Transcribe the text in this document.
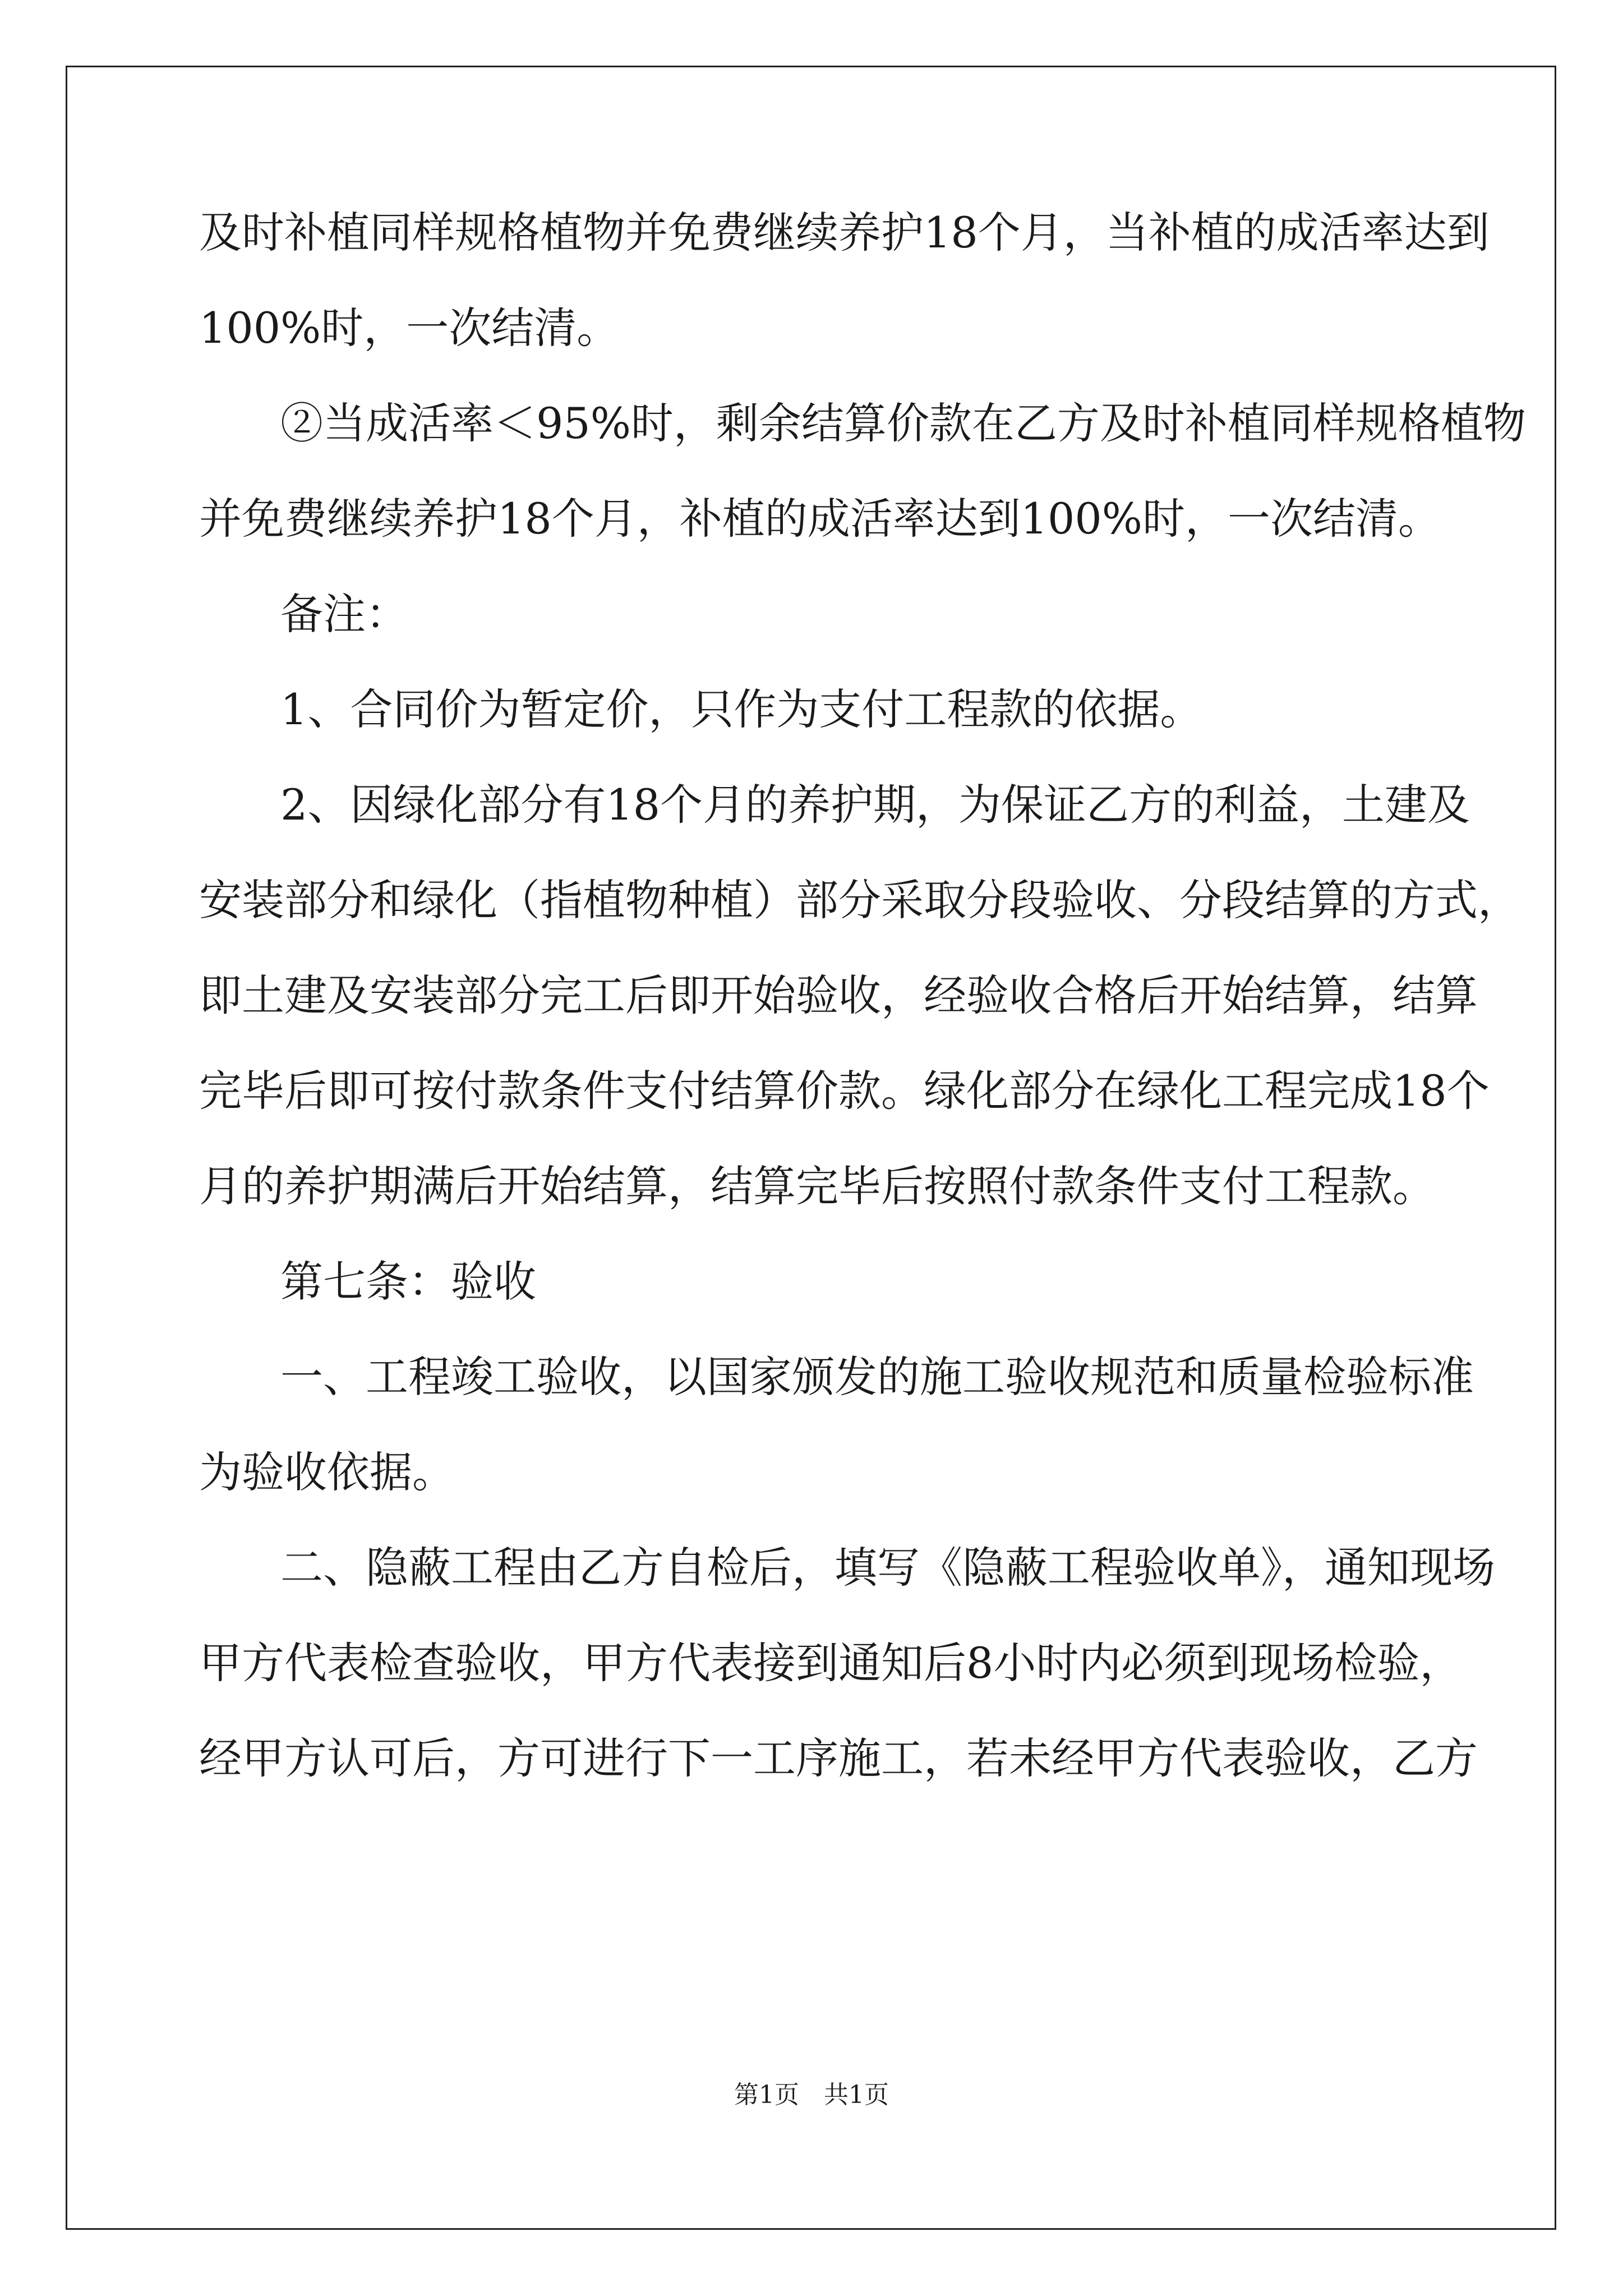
及时补植同样规格植物并免费继续养护18个月，当补植的成活率达到
100%时，一次结清。
②当成活率＜95%时，剩余结算价款在乙方及时补植同样规格植物
并免费继续养护18个月，补植的成活率达到100%时，一次结清。
备注：
1、合同价为暂定价，只作为支付工程款的依据。
2、因绿化部分有18个月的养护期，为保证乙方的利益，土建及
安装部分和绿化（指植物种植）部分采取分段验收、分段结算的方式，
即土建及安装部分完工后即开始验收，经验收合格后开始结算，结算
完毕后即可按付款条件支付结算价款。绿化部分在绿化工程完成18个
月的养护期满后开始结算，结算完毕后按照付款条件支付工程款。
第七条：验收
一、工程竣工验收，以国家颁发的施工验收规范和质量检验标准
为验收依据。
二、隐蔽工程由乙方自检后，填写《隐蔽工程验收单》，通知现场
甲方代表检查验收，甲方代表接到通知后8小时内必须到现场检验，
经甲方认可后，方可进行下一工序施工，若未经甲方代表验收，乙方
第1页　共1页
